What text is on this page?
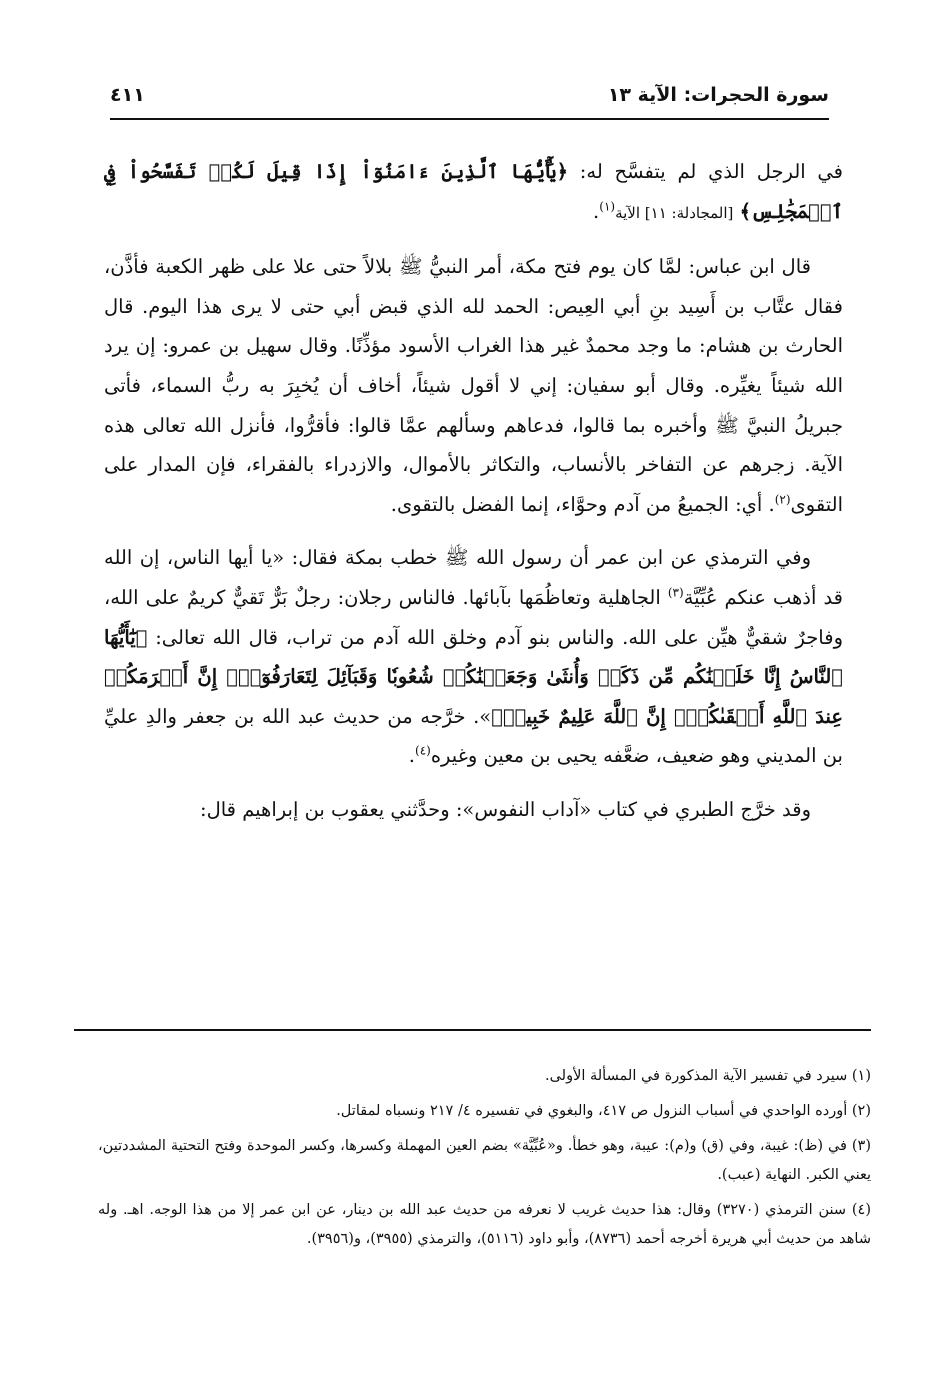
سورة الحجرات: الآية ١٣
٤١١

في الرجل الذي لم يتفسَّح له: ﴿يَٰٓأَيُّهَا ٱلَّذِينَ ءَامَنُوٓاْ إِذَا قِيلَ لَكُمۡ تَفَسَّحُواْ فِي ٱلۡمَجَٰلِسِ﴾ [المجادلة: ١١] الآية$^{(١)}$.

قال ابن عباس: لمَّا كان يوم فتح مكة، أمر النبيُّ ﷺ بلالاً حتى علا على ظهر الكعبة فأذَّن، فقال عتَّاب بن أَسِيد بنِ أبي العِيص: الحمد لله الذي قبض أبي حتى لا يرى هذا اليوم. قال الحارث بن هشام: ما وجد محمدٌ غير هذا الغراب الأسود مؤذِّنًا. وقال سهيل بن عمرو: إن يرد الله شيئاً يغيِّره. وقال أبو سفيان: إني لا أقول شيئاً، أخاف أن يُخبِرَ به ربُّ السماء، فأتى جبريلُ النبيَّ ﷺ وأخبره بما قالوا، فدعاهم وسألهم عمَّا قالوا: فأقرُّوا، فأنزل الله تعالى هذه الآية. زجرهم عن التفاخر بالأنساب، والتكاثر بالأموال، والازدراء بالفقراء، فإن المدار على التقوى$^{(٢)}$. أي: الجميعُ من آدم وحوَّاء، إنما الفضل بالتقوى.

وفي الترمذي عن ابن عمر أن رسول الله ﷺ خطب بمكة فقال: «يا أيها الناس، إن الله قد أذهب عنكم عُبِّيَّة$^{(٣)}$ الجاهلية وتعاظُمَها بآبائها. فالناس رجلان: رجلٌ بَرٌّ تَقيٌّ كريمٌ على الله، وفاجرٌ شقيٌّ هيِّن على الله. والناس بنو آدم وخلق الله آدم من تراب، قال الله تعالى: ﴿يَٰٓأَيُّهَا ٱلنَّاسُ إِنَّا خَلَقۡنَٰكُم مِّن ذَكَرٖ وَأُنثَىٰ وَجَعَلۡنَٰكُمۡ شُعُوبٗا وَقَبَآئِلَ لِتَعَارَفُوٓاْۚ إِنَّ أَكۡرَمَكُمۡ عِندَ ٱللَّهِ أَتۡقَىٰكُمۡۚ إِنَّ ٱللَّهَ عَلِيمٌ خَبِيرٞ﴾». خرَّجه من حديث عبد الله بن جعفر والدِ عليِّ بن المديني وهو ضعيف، ضعَّفه يحيى بن معين وغيره$^{(٤)}$.

وقد خرَّج الطبري في كتاب «آداب النفوس»: وحدَّثني يعقوب بن إبراهيم قال:

(١) سيرد في تفسير الآية المذكورة في المسألة الأولى.

(٢) أورده الواحدي في أسباب النزول ص ٤١٧، والبغوي في تفسيره ٤/ ٢١٧ ونسباه لمقاتل.

(٣) في (ظ): غيبة، وفي (ق) و(م): عيبة، وهو خطأ. و«عُبِّيَّة» بضم العين المهملة وكسرها، وكسر الموحدة وفتح التحتية المشددتين، يعني الكبر. النهاية (عبب).

(٤) سنن الترمذي (٣٢٧٠) وقال: هذا حديث غريب لا نعرفه من حديث عبد الله بن دينار، عن ابن عمر إلا من هذا الوجه. اهـ. وله شاهد من حديث أبي هريرة أخرجه أحمد (٨٧٣٦)، وأبو داود (٥١١٦)، والترمذي (٣٩٥٥)، و(٣٩٥٦).
